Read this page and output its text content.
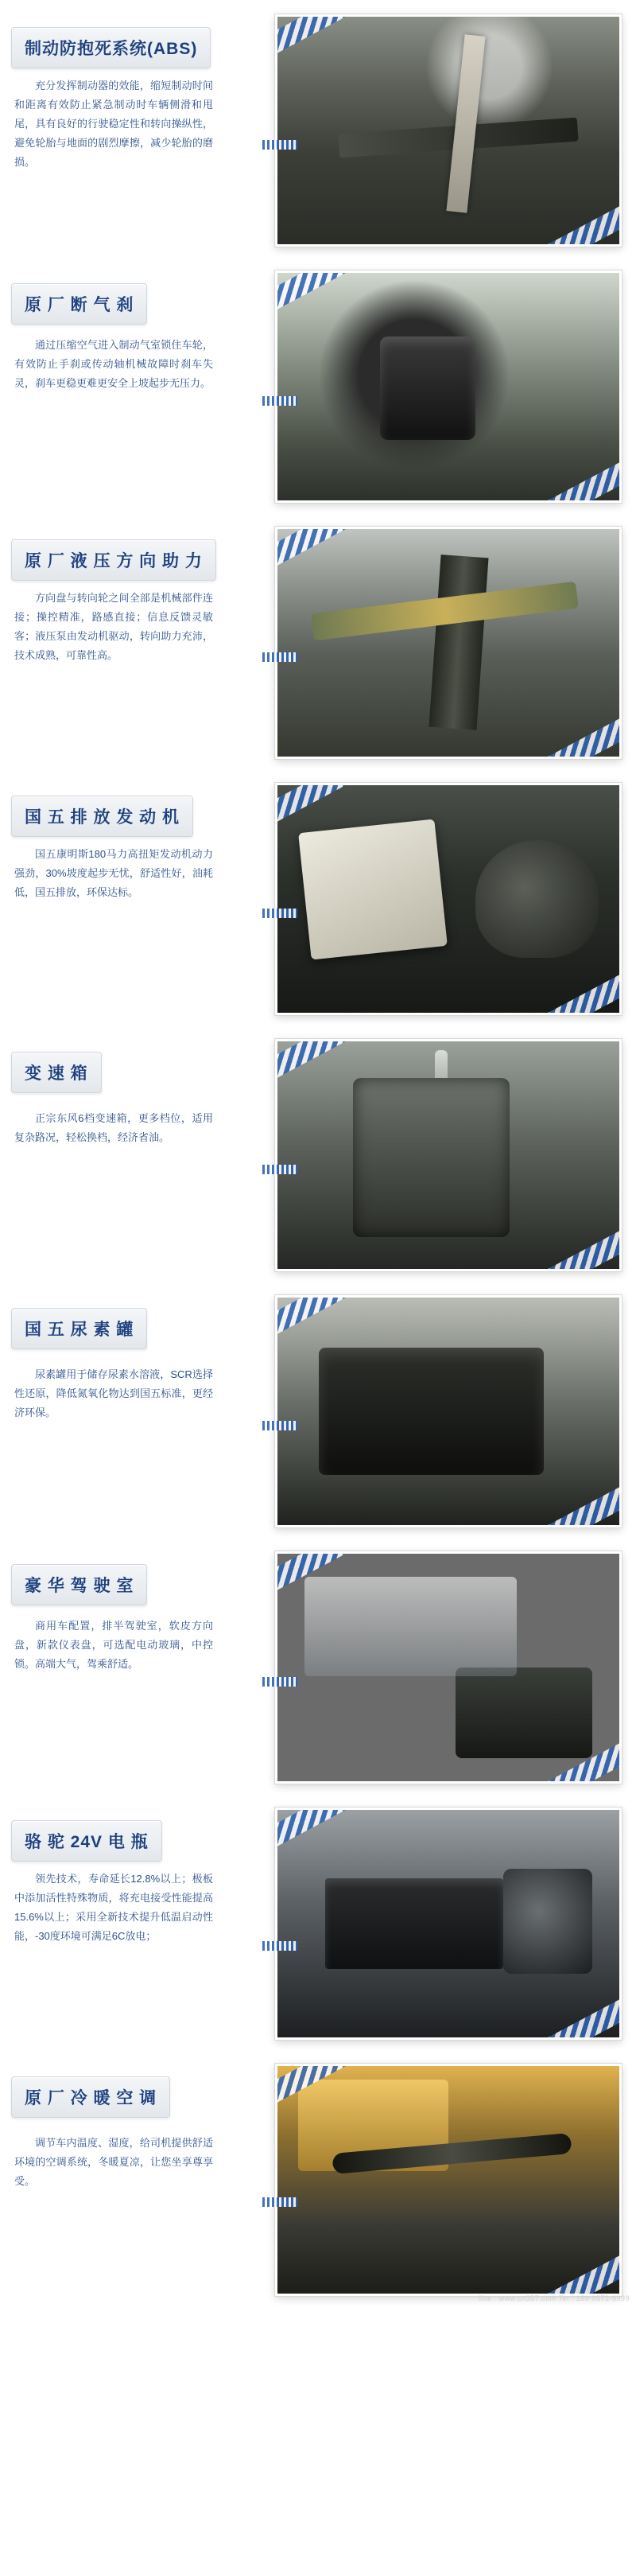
制动防抱死系统(ABS)
充分发挥制动器的效能，缩短制动时间和距离有效防止紧急制动时车辆侧滑和甩尾，具有良好的行驶稳定性和转向操纵性，避免轮胎与地面的剧烈摩擦，减少轮胎的磨损。
原 厂 断 气 刹
通过压缩空气进入制动气室锁住车轮，有效防止手刹或传动轴机械故障时刹车失灵，刹车更稳更难更安全上坡起步无压力。
原 厂 液 压 方 向 助 力
方向盘与转向轮之间全部是机械部件连接；操控精准，路感直接；信息反馈灵敏客；液压泵由发动机驱动，转向助力充沛，技术成熟，可靠性高。
国 五 排 放 发 动 机
国五康明斯180马力高扭矩发动机动力强劲，30%坡度起步无忧，舒适性好，油耗低，国五排放，环保达标。
变 速 箱
正宗东风6档变速箱，更多档位，适用复杂路况，轻松换档，经济省油。
国 五 尿 素 罐
尿素罐用于储存尿素水溶液，SCR选择性还原，降低氮氧化物达到国五标准，更经济环保。
豪 华 驾 驶 室
商用车配置，排半驾驶室，软皮方向盘，新款仪表盘，可选配电动玻璃，中控锁。高端大气，驾乘舒适。
骆 驼 24V 电 瓶
领先技术，寿命延长12.8%以上；极板中添加活性特殊物质，将充电接受性能提高15.6%以上；采用全新技术提升低温启动性能，-30度环境可满足6C放电；
原 厂 冷 暖 空 调
调节车内温度、湿度，给司机提供舒适环境的空调系统，冬暖夏凉，让您坐享尊享受。
Site : www.cn357.com Tel : 189-9571-9999
